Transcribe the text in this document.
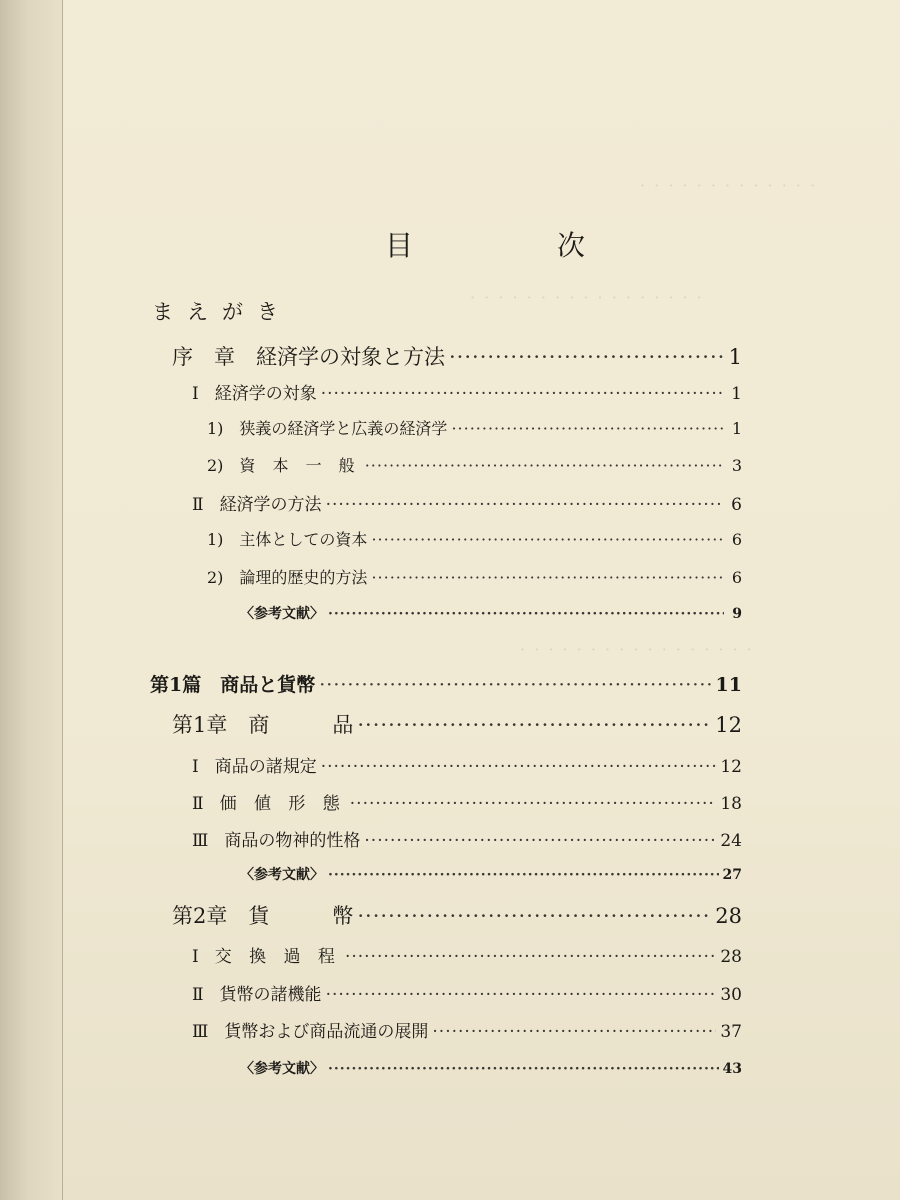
· · · · · · · · · · · · ·
· · · · · · · · · · · · · · · · ·
· · · · · · · · · · · · · · · · ·
目　次
まえがき
序　章　経済学の対象と方法 ·····	1
Ⅰ 経済学の対象 ·····	1
1) 狭義の経済学と広義の経済学 ·····	1
2) 資 本 一 般 ·····	3
Ⅱ 経済学の方法 ·····	6
1) 主体としての資本 ·····	6
2) 論理的歴史的方法 ·····	6
〈参考文献〉 ·····	9
第1篇　商品と貨幣 ·····	11
第1章　商　　　品 ·····	12
Ⅰ 商品の諸規定 ·····	12
Ⅱ 価 値 形 態 ·····	18
Ⅲ 商品の物神的性格 ·····	24
〈参考文献〉 ·····	27
第2章　貨　　　幣 ·····	28
Ⅰ 交 換 過 程 ·····	28
Ⅱ 貨幣の諸機能 ·····	30
Ⅲ 貨幣および商品流通の展開 ·····	37
〈参考文献〉 ·····	43
